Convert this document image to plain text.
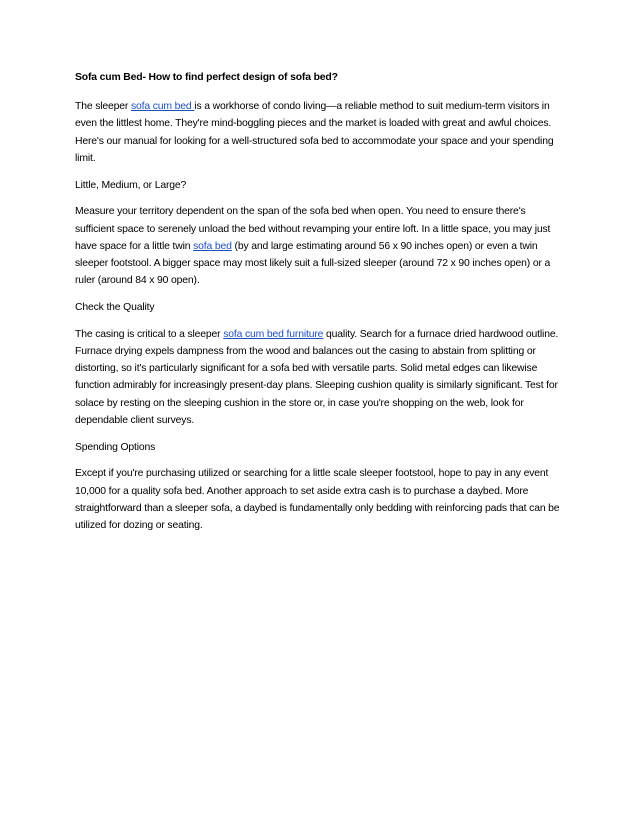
Sofa cum Bed- How to find perfect design of sofa bed?

The sleeper sofa cum bed is a workhorse of condo living—a reliable method to suit medium-term visitors in even the littlest home. They're mind-boggling pieces and the market is loaded with great and awful choices. Here's our manual for looking for a well-structured sofa bed to accommodate your space and your spending limit.

Little, Medium, or Large?

Measure your territory dependent on the span of the sofa bed when open. You need to ensure there's sufficient space to serenely unload the bed without revamping your entire loft. In a little space, you may just have space for a little twin sofa bed (by and large estimating around 56 x 90 inches open) or even a twin sleeper footstool. A bigger space may most likely suit a full-sized sleeper (around 72 x 90 inches open) or a ruler (around 84 x 90 open).

Check the Quality

The casing is critical to a sleeper sofa cum bed furniture quality. Search for a furnace dried hardwood outline. Furnace drying expels dampness from the wood and balances out the casing to abstain from splitting or distorting, so it's particularly significant for a sofa bed with versatile parts. Solid metal edges can likewise function admirably for increasingly present-day plans. Sleeping cushion quality is similarly significant. Test for solace by resting on the sleeping cushion in the store or, in case you're shopping on the web, look for dependable client surveys.

Spending Options

Except if you're purchasing utilized or searching for a little scale sleeper footstool, hope to pay in any event 10,000 for a quality sofa bed. Another approach to set aside extra cash is to purchase a daybed. More straightforward than a sleeper sofa, a daybed is fundamentally only bedding with reinforcing pads that can be utilized for dozing or seating.
